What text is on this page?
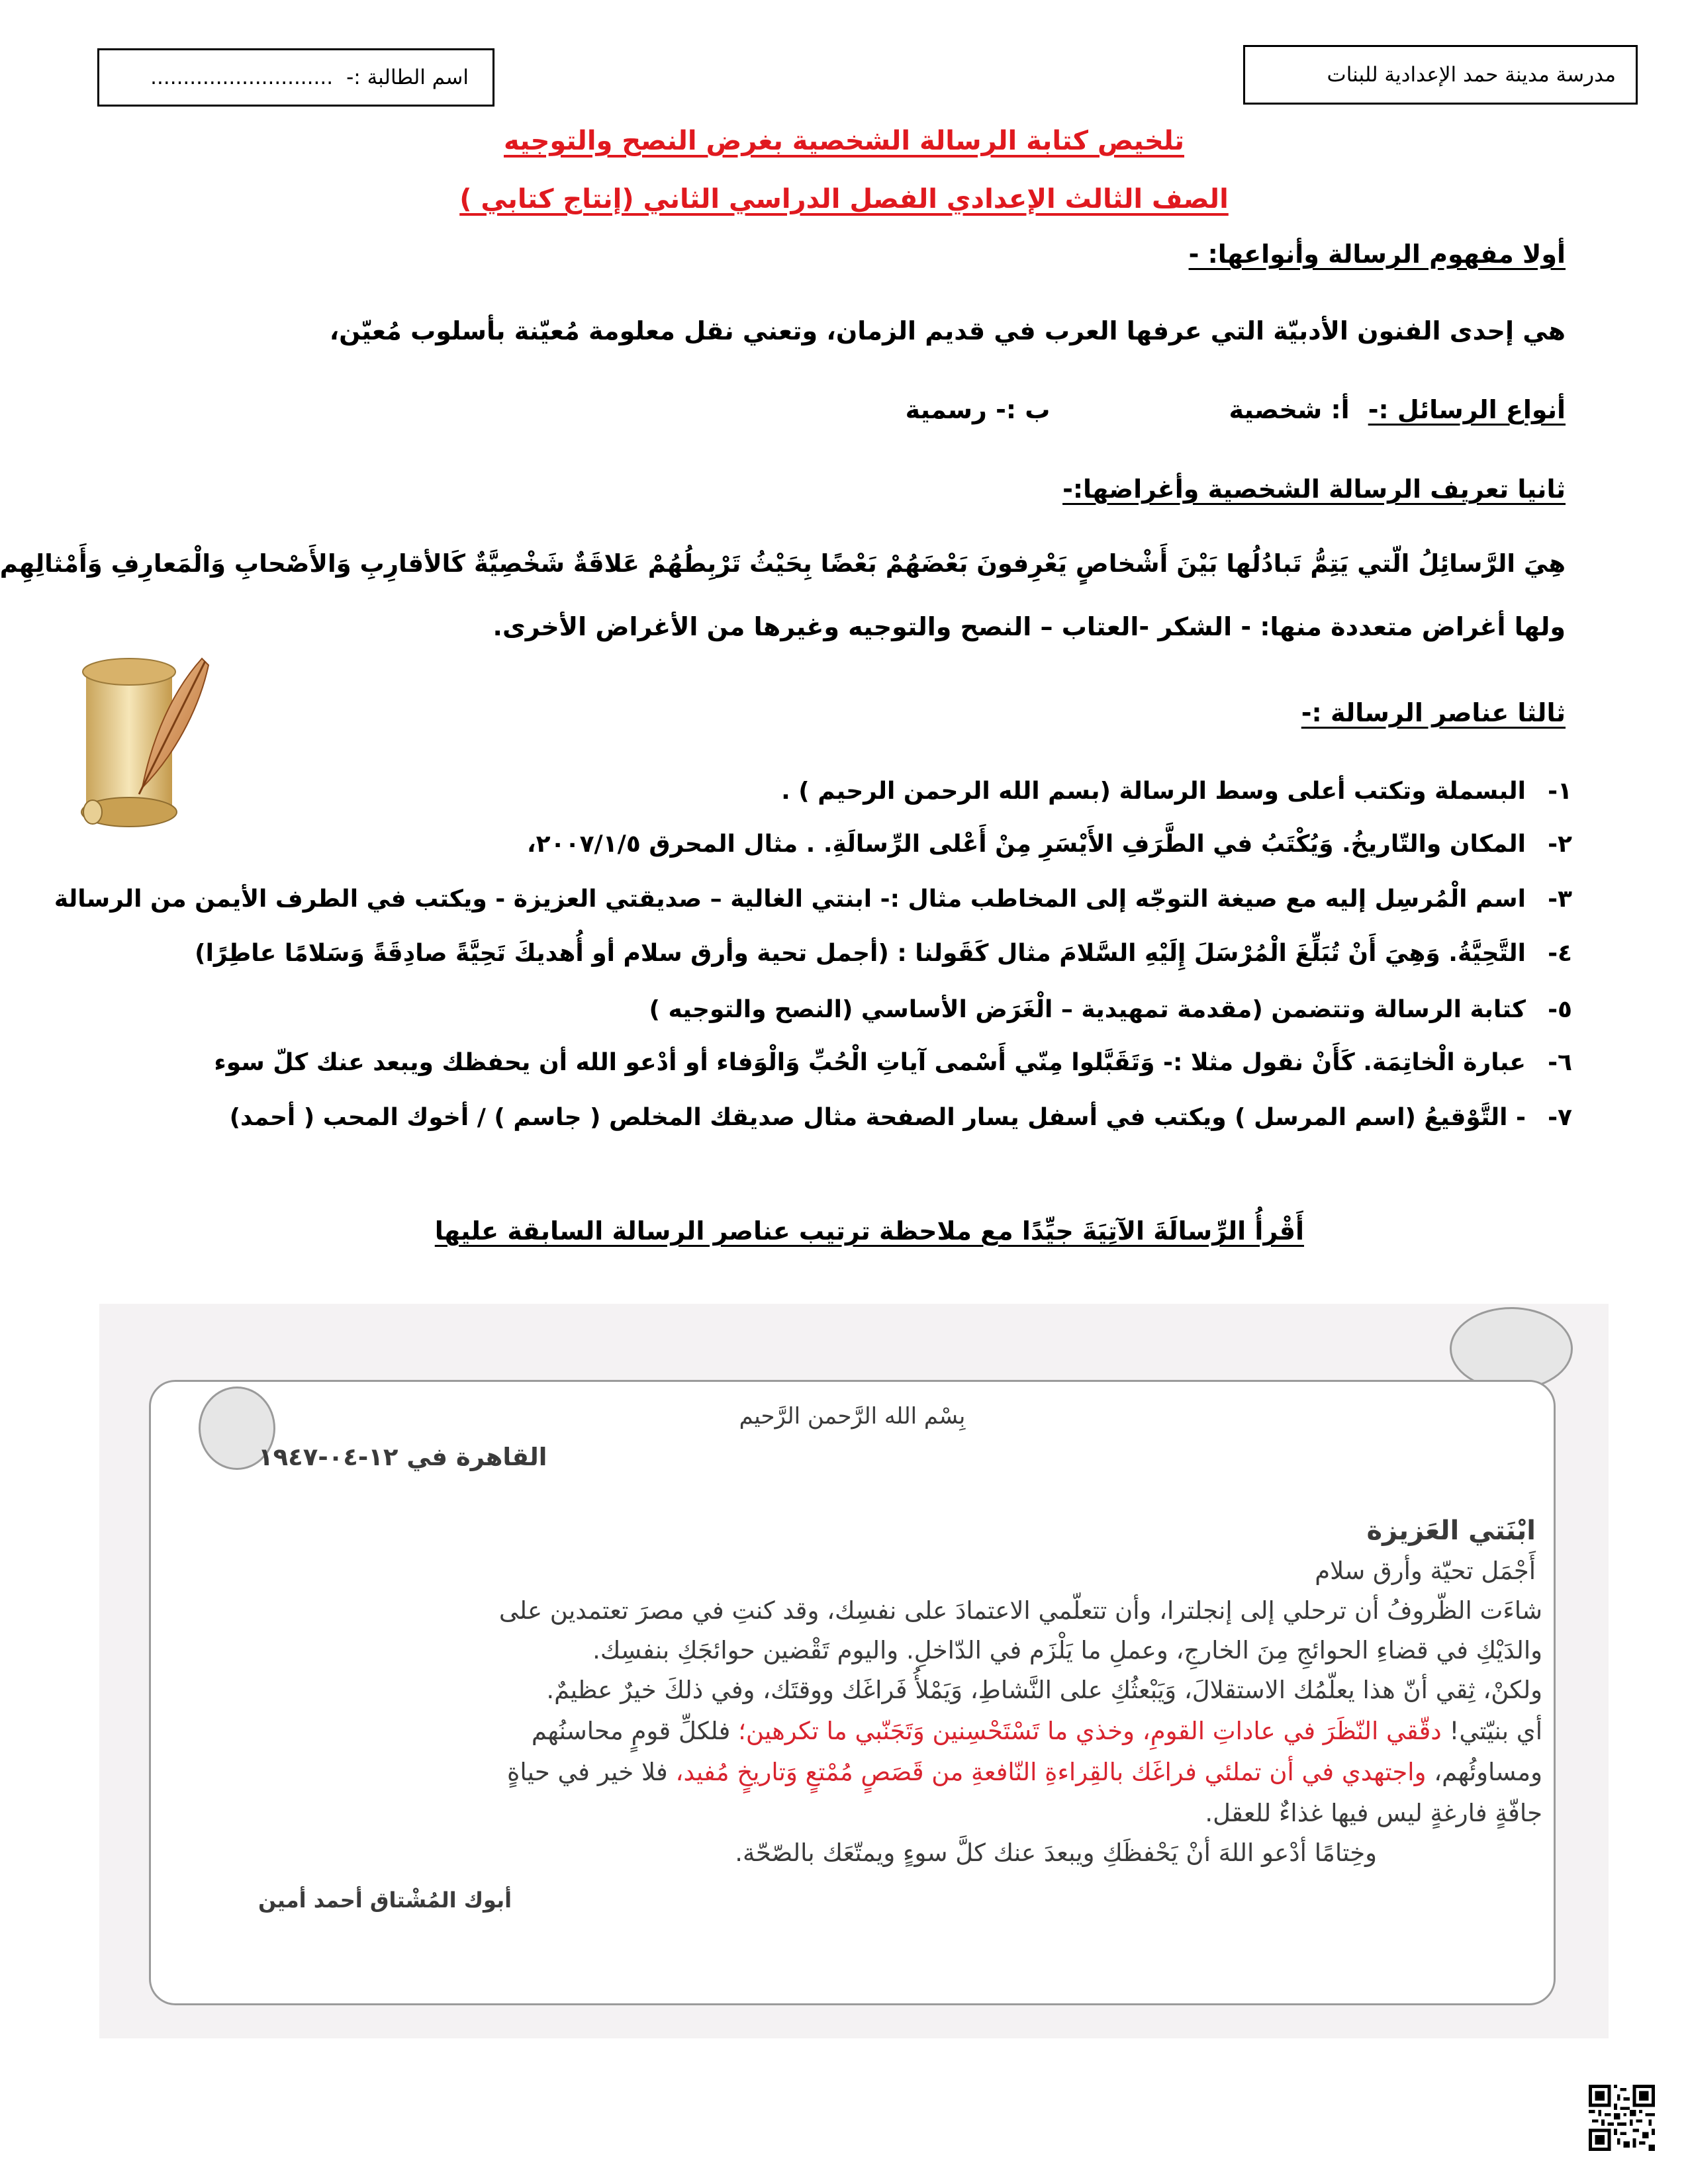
مدرسة مدينة حمد الإعدادية للبنات
اسم الطالبة :-
............................
تلخيص كتابة الرسالة الشخصية بغرض النصح والتوجيه
الصف الثالث الإعدادي الفصل الدراسي الثاني (إنتاج كتابي )
أولا مفهوم الرسالة وأنواعها: -
هي إحدى الفنون الأدبيّة التي عرفها العرب في قديم الزمان، وتعني نقل معلومة مُعيّنة بأسلوب مُعيّن،
أنواع الرسائل :-
أ: شخصية
ب :- رسمية
ثانيا تعريف الرسالة الشخصية وأغراضها:-
هِيَ الرَّسائِلُ الّتي يَتِمُّ تَبادُلُها بَيْنَ أَشْخاصٍ يَعْرِفونَ بَعْضَهُمْ بَعْضًا بِحَيْثُ تَرْبِطُهُمْ عَلاقَةٌ شَخْصِيَّةٌ كَالأقارِبِ وَالأَصْحابِ وَالْمَعارِفِ وَأَمْثالِهِم
ولها أغراض متعددة منها: - الشكر -العتاب – النصح والتوجيه وغيرها من الأغراض الأخرى.
ثالثا عناصر الرسالة :-
١-
البسملة وتكتب أعلى وسط الرسالة (بسم الله الرحمن الرحيم ) .
٢-
المكان والتّاريخُ. وَيُكْتَبُ في الطَّرَفِ الأَيْسَرِ مِنْ أَعْلى الرِّسالَةِ. . مثال المحرق ٢٠٠٧/١/٥،
٣-
اسم الْمُرسِل إليه مع صيغة التوجّه إلى المخاطب مثال :- ابنتي الغالية – صديقتي العزيزة - ويكتب في الطرف الأيمن من الرسالة
٤-
التَّحِيَّةُ. وَهِيَ أَنْ تُبَلِّغَ الْمُرْسَلَ إِلَيْهِ السَّلامَ مثال كَقَولنا : (أجمل تحية وأرق سلام أو أُهديكَ تَحِيَّةً صادِقَةً وَسَلامًا عاطِرًا)
٥-
كتابة الرسالة وتتضمن (مقدمة تمهيدية – الْغَرَض الأساسي (النصح والتوجيه )
٦-
عبارة الْخاتِمَة. كَأَنْ نقول مثلا :- وَتَقَبَّلوا مِنّي أَسْمى آياتِ الْحُبِّ وَالْوَفاء أو أدْعو الله أن يحفظك ويبعد عنك كلّ سوء
٧-
- التَّوْقيعُ (اسم المرسل ) ويكتب في أسفل يسار الصفحة مثال صديقك المخلص ( جاسم ) / أخوك المحب ( أحمد)
أَقْرأُ الرِّسالَةَ الآتِيَةَ جيِّدًا مع ملاحظة ترتيب عناصر الرسالة السابقة عليها
بِسْم الله الرَّحمن الرَّحيم
القاهرة في ١٢-٠٤-١٩٤٧
ابْنَتي العَزيزة
أَجْمَل تحيّة وأرق سلام
شاءَت الظّروفُ أن ترحلي إلى إنجلترا، وأن تتعلّمي الاعتمادَ على نفسِك، وقد كنتِ في مصرَ تعتمدين على
والدَيْكِ في قضاءِ الحوائجِ مِنَ الخارجِ، وعملِ ما يَلْزَم في الدّاخلِ. واليوم تَقْضين حوائجَكِ بنفسِك.
ولكنْ، ثِقي أنّ هذا يعلّمُك الاستقلالَ، وَيَبْعثُكِ على النَّشاطِ، وَيَمْلأُ فَراغَك ووقتَك، وفي ذلكَ خيرٌ عظيمٌ.
أي بنيّتي! دقّقي النّظَرَ في عاداتِ القومِ، وخذي ما تَسْتَحْسِنين وَتَجَنّبي ما تكرهين؛ فلكلِّ قومٍ محاسنُهم
ومساوئُهم، واجتهدي في أن تملئي فراغَك بالقِراءةِ النّافعةِ من قَصَصٍ مُمْتعٍ وَتاريخٍ مُفيد، فلا خير في حياةٍ
جافّةٍ فارغةٍ ليس فيها غذاءٌ للعقل.
وخِتامًا أدْعو اللهَ أنْ يَحْفظَكِ ويبعدَ عنك كلَّ سوءٍ ويمتّعَك بالصّحّة.
أبوك المُشْتاق أحمد أمين
